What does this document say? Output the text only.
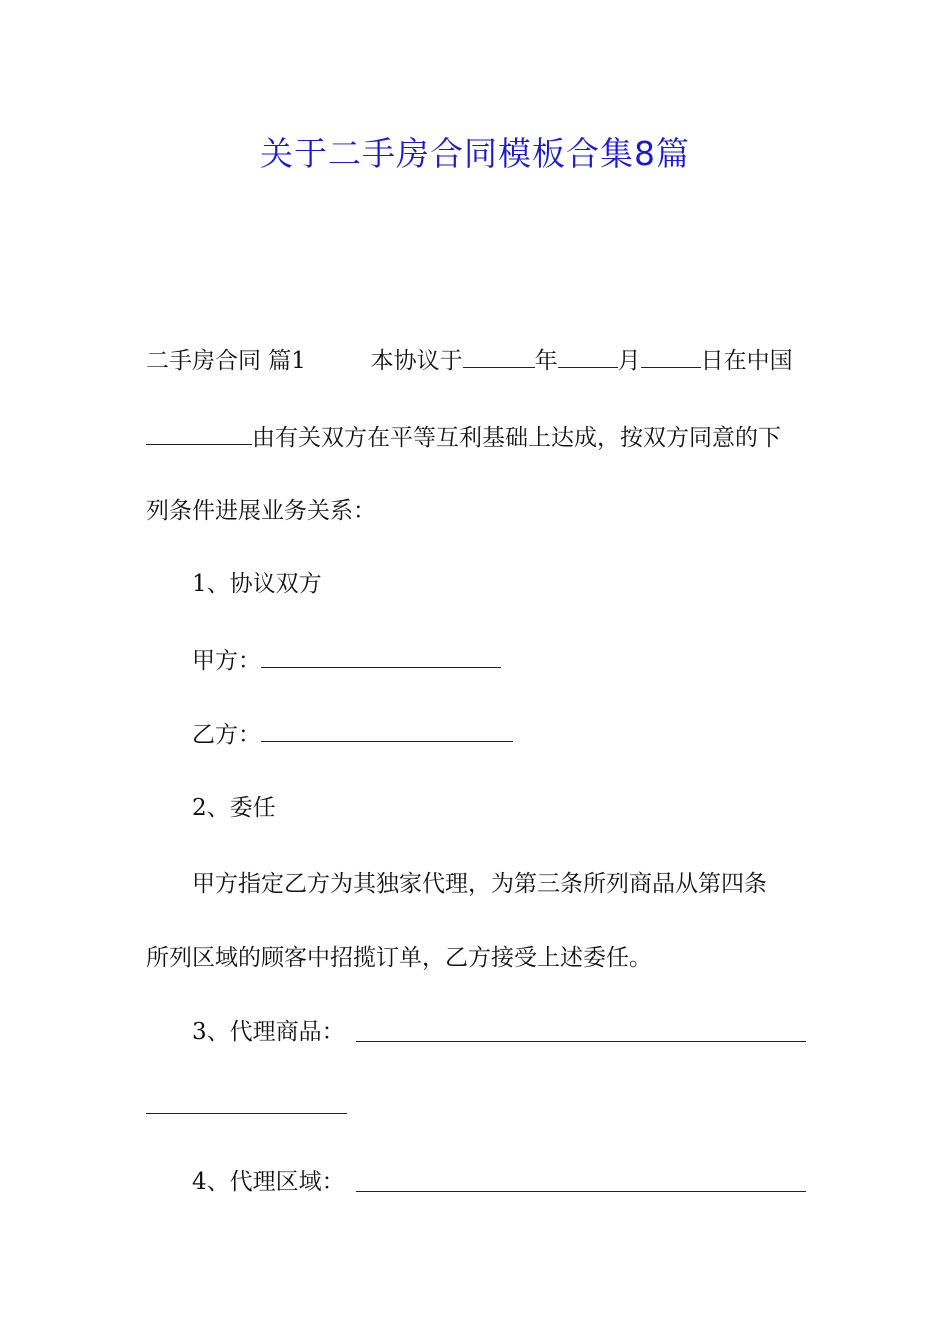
关于二手房合同模板合集8篇
二手房合同 篇1	本协议于	年	月	日在中国
由有关双方在平等互利基础上达成，按双方同意的下
列条件进展业务关系：
1、协议双方
甲方：
乙方：
2、委任
甲方指定乙方为其独家代理，为第三条所列商品从第四条
所列区域的顾客中招揽订单，乙方接受上述委任。
3、代理商品：
4、代理区域：
